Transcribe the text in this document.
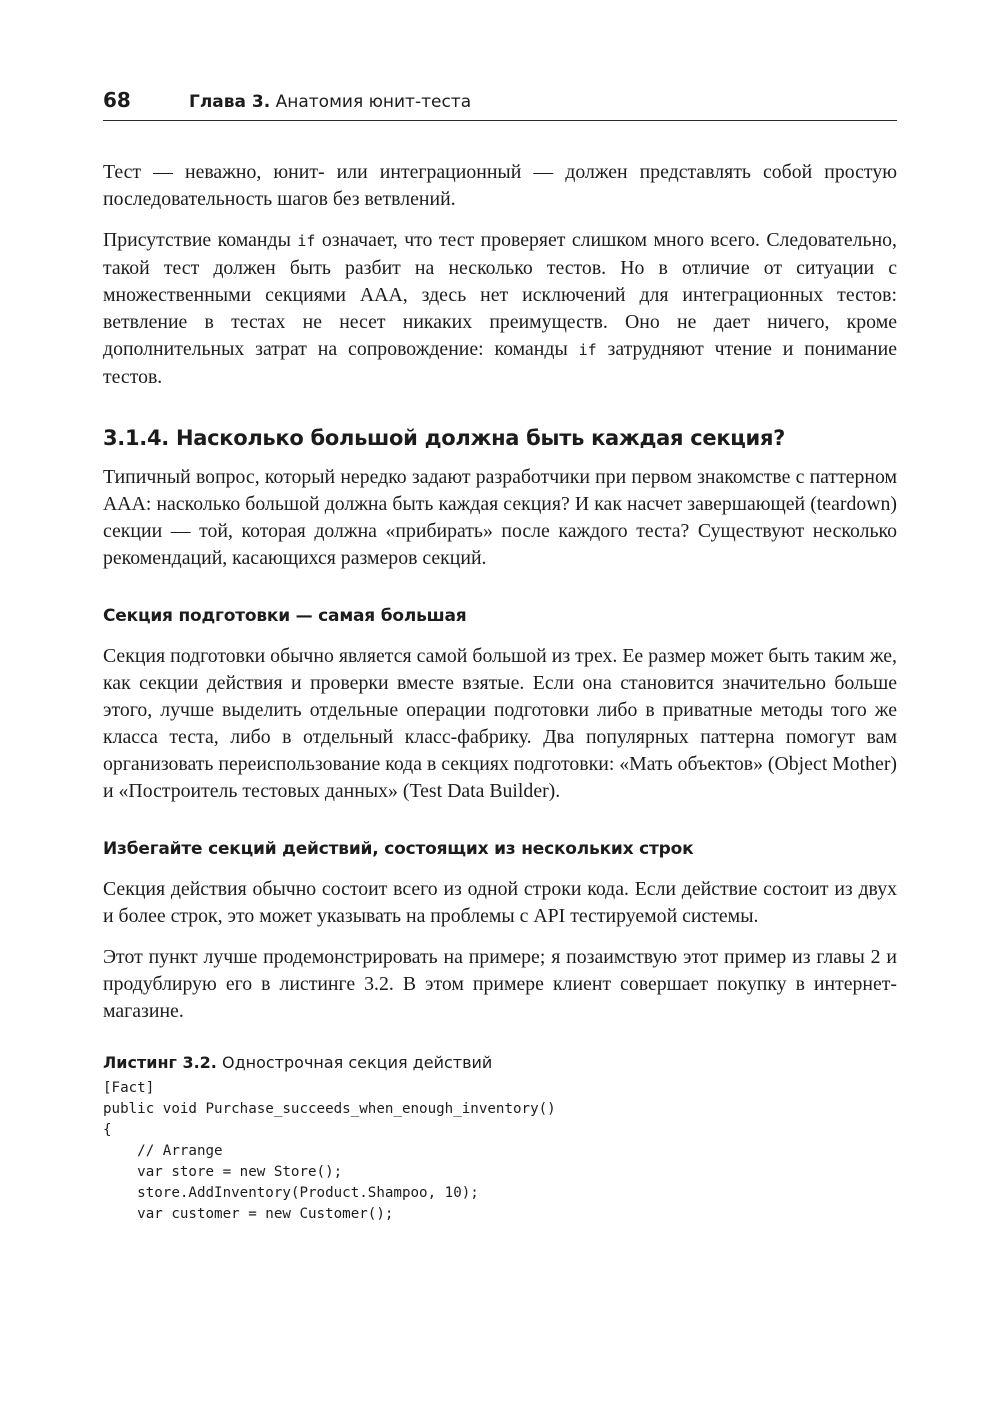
68	Глава 3. Анатомия юнит-теста

Тест — неважно, юнит- или интеграционный — должен представлять собой простую последовательность шагов без ветвлений.

Присутствие команды if означает, что тест проверяет слишком много всего. Следовательно, такой тест должен быть разбит на несколько тестов. Но в отличие от ситуации с множественными секциями ААА, здесь нет исключений для интеграционных тестов: ветвление в тестах не несет никаких преимуществ. Оно не дает ничего, кроме дополнительных затрат на сопровождение: команды if затрудняют чтение и понимание тестов.

3.1.4. Насколько большой должна быть каждая секция?

Типичный вопрос, который нередко задают разработчики при первом знакомстве с паттерном ААА: насколько большой должна быть каждая секция? И как насчет завершающей (teardown) секции — той, которая должна «прибирать» после каждого теста? Существуют несколько рекомендаций, касающихся размеров секций.

Секция подготовки — самая большая

Секция подготовки обычно является самой большой из трех. Ее размер может быть таким же, как секции действия и проверки вместе взятые. Если она становится значительно больше этого, лучше выделить отдельные операции подготовки либо в приватные методы того же класса теста, либо в отдельный класс-фабрику. Два популярных паттерна помогут вам организовать переиспользование кода в секциях подготовки: «Мать объектов» (Object Mother) и «Построитель тестовых данных» (Test Data Builder).

Избегайте секций действий, состоящих из нескольких строк

Секция действия обычно состоит всего из одной строки кода. Если действие состоит из двух и более строк, это может указывать на проблемы с API тестируемой системы.

Этот пункт лучше продемонстрировать на примере; я позаимствую этот пример из главы 2 и продублирую его в листинге 3.2. В этом примере клиент совершает покупку в интернет-магазине.

Листинг 3.2. Однострочная секция действий

[Fact]
public void Purchase_succeeds_when_enough_inventory()
{
// Arrange
var store = new Store();
store.AddInventory(Product.Shampoo, 10);
var customer = new Customer();
